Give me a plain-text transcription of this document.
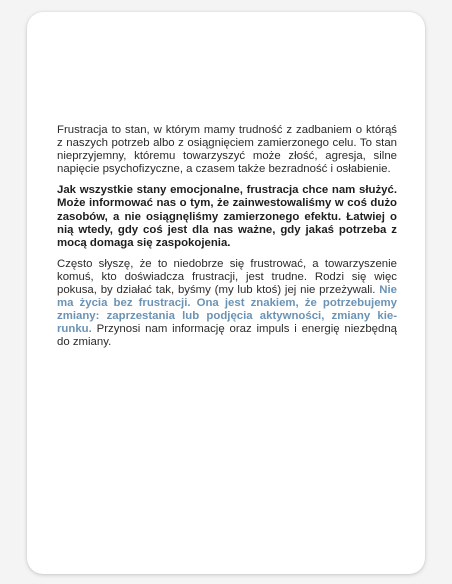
Frustracja to stan, w którym mamy trudność z zadbaniem o którąś z naszych potrzeb albo z osiągnięciem zamierzonego celu. To stan nieprzyjemny, któremu towarzyszyć może złość, agresja, silne napięcie psychofizyczne, a czasem także bezradność i osłabienie.

Jak wszystkie stany emocjonalne, frustracja chce nam służyć. Może informować nas o tym, że zainwestowaliśmy w coś dużo zasobów, a nie osiągnęliśmy zamierzonego efektu. Łatwiej o nią wtedy, gdy coś jest dla nas ważne, gdy jakaś potrzeba z mocą domaga się zaspokojenia.

Często słyszę, że to niedobrze się frustrować, a towarzyszenie komuś, kto doświadcza frustracji, jest trudne. Rodzi się więc pokusa, by działać tak, byśmy (my lub ktoś) jej nie przeżywali. Nie ma życia bez frustracji. Ona jest znakiem, że potrzebujemy zmiany: zaprzestania lub podjęcia aktywności, zmiany kierunku. Przynosi nam informację oraz impuls i energię niezbędną do zmiany.
